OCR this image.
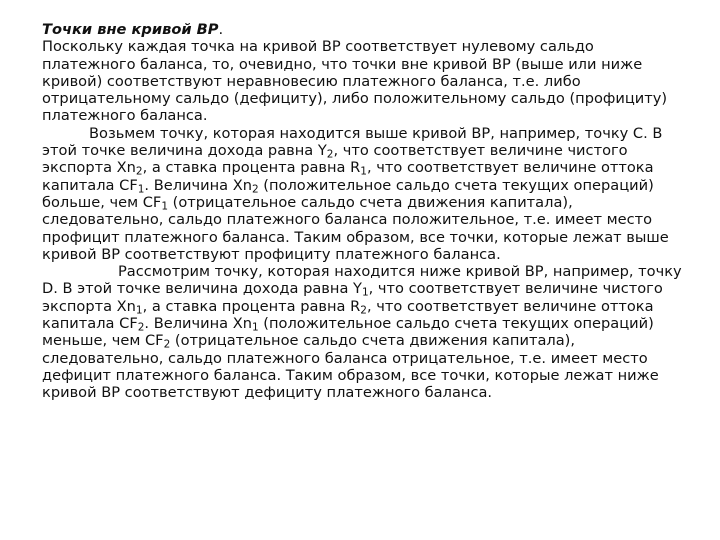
Точки вне кривой ВР.

Поскольку каждая точка на кривой ВР соответствует нулевому сальдо платежного баланса, то, очевидно, что точки вне кривой ВР (выше или ниже кривой) соответствуют неравновесию платежного баланса, т.е. либо отрицательному сальдо (дефициту), либо положительному сальдо (профициту) платежного баланса.

Возьмем точку, которая находится выше кривой ВР, например, точку С. В этой точке величина дохода равна $Y_2$, что соответствует величине чистого экспорта $Xn_2$, а ставка процента равна $R_1$, что соответствует величине оттока капитала $CF_1$. Величина $Xn_2$ (положительное сальдо счета текущих операций) больше, чем $CF_1$ (отрицательное сальдо счета движения капитала), следовательно, сальдо платежного баланса положительное, т.е. имеет место профицит платежного баланса. Таким образом, все точки, которые лежат выше кривой ВР соответствуют профициту платежного баланса.

Рассмотрим точку, которая находится ниже кривой ВР, например, точку D. В этой точке величина дохода равна $Y_1$, что соответствует величине чистого экспорта $Xn_1$, а ставка процента равна $R_2$, что соответствует величине оттока капитала $CF_2$. Величина $Xn_1$ (положительное сальдо счета текущих операций) меньше, чем $CF_2$ (отрицательное сальдо счета движения капитала), следовательно, сальдо платежного баланса отрицательное, т.е. имеет место дефицит платежного баланса. Таким образом, все точки, которые лежат ниже кривой ВР соответствуют дефициту платежного баланса.
